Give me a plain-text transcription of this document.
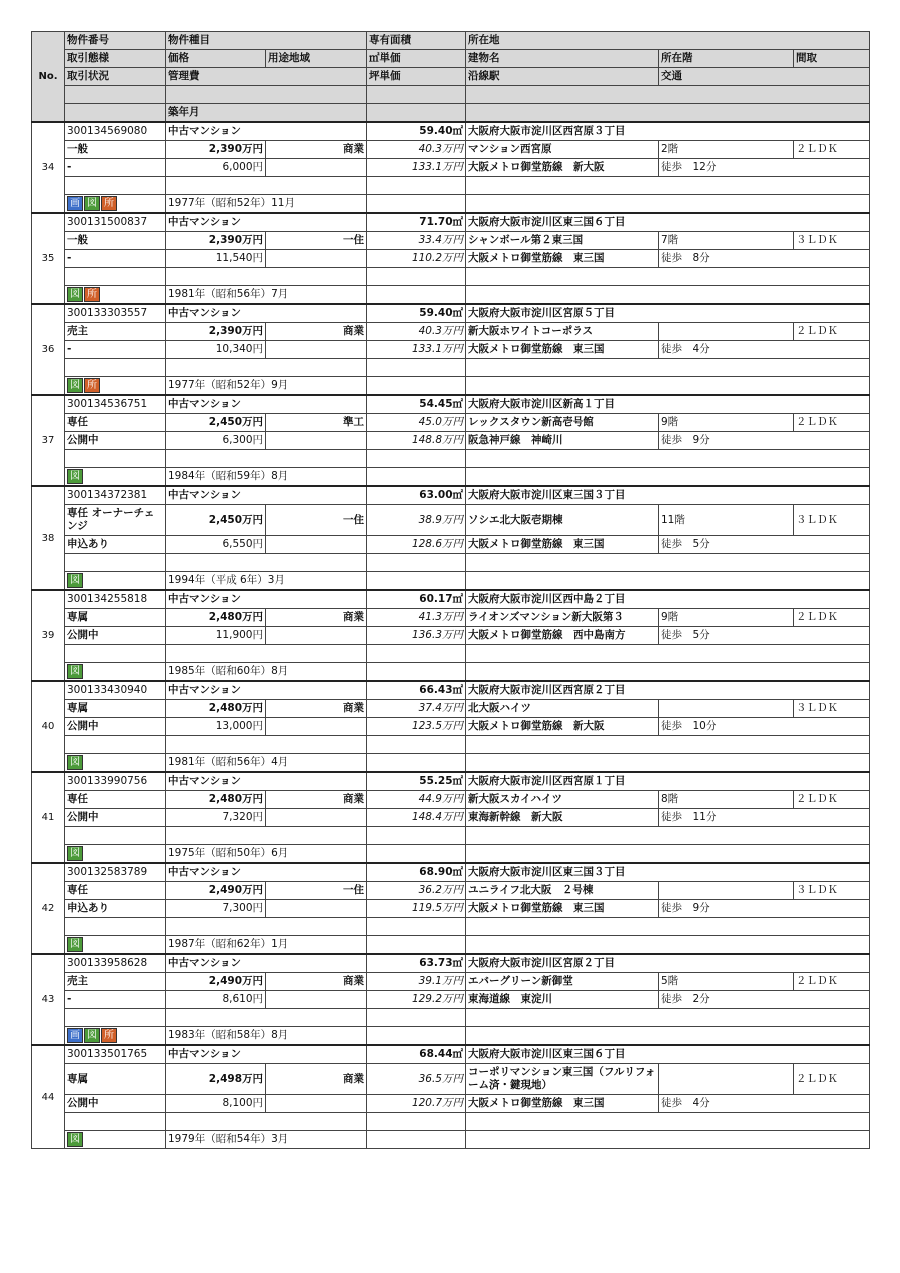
No.	物件番号	物件種目		専有面積	所在地		
	取引態様	価格	用途地域	㎡単価	建物名	所在階	間取
	取引状況	管理費		坪単価	沿線駅	交通	

		築年月					
34	300134569080	中古マンション		59.40㎡	大阪府大阪市淀川区西宮原３丁目		
	一般	2,390万円	商業	40.3万円	マンション西宮原	2階	２ＬＤＫ
	-	6,000円		133.1万円	大阪メトロ御堂筋線　新大阪	徒歩　12分	

	画 図 所	1977年（昭和52年）11月					
35	300131500837	中古マンション		71.70㎡	大阪府大阪市淀川区東三国６丁目		
	一般	2,390万円	一住	33.4万円	シャンボール第２東三国	7階	３ＬＤＫ
	-	11,540円		110.2万円	大阪メトロ御堂筋線　東三国	徒歩　8分	

	図 所	1981年（昭和56年）7月					
36	300133303557	中古マンション		59.40㎡	大阪府大阪市淀川区宮原５丁目		
	売主	2,390万円	商業	40.3万円	新大阪ホワイトコーポラス		２ＬＤＫ
	-	10,340円		133.1万円	大阪メトロ御堂筋線　東三国	徒歩　4分	

	図 所	1977年（昭和52年）9月					
37	300134536751	中古マンション		54.45㎡	大阪府大阪市淀川区新高１丁目		
	専任	2,450万円	準工	45.0万円	レックスタウン新高壱号館	9階	２ＬＤＫ
	公開中	6,300円		148.8万円	阪急神戸線　神崎川	徒歩　9分	

	図	1984年（昭和59年）8月					
38	300134372381	中古マンション		63.00㎡	大阪府大阪市淀川区東三国３丁目		
	専任 オーナーチェンジ	2,450万円	一住	38.9万円	ソシエ北大阪壱期棟	11階	３ＬＤＫ
	申込あり	6,550円		128.6万円	大阪メトロ御堂筋線　東三国	徒歩　5分	

	図	1994年（平成 6年）3月					
39	300134255818	中古マンション		60.17㎡	大阪府大阪市淀川区西中島２丁目		
	専属	2,480万円	商業	41.3万円	ライオンズマンション新大阪第３	9階	２ＬＤＫ
	公開中	11,900円		136.3万円	大阪メトロ御堂筋線　西中島南方	徒歩　5分	

	図	1985年（昭和60年）8月					
40	300133430940	中古マンション		66.43㎡	大阪府大阪市淀川区西宮原２丁目		
	専属	2,480万円	商業	37.4万円	北大阪ハイツ		３ＬＤＫ
	公開中	13,000円		123.5万円	大阪メトロ御堂筋線　新大阪	徒歩　10分	

	図	1981年（昭和56年）4月					
41	300133990756	中古マンション		55.25㎡	大阪府大阪市淀川区西宮原１丁目		
	専任	2,480万円	商業	44.9万円	新大阪スカイハイツ	8階	２ＬＤＫ
	公開中	7,320円		148.4万円	東海新幹線　新大阪	徒歩　11分	

	図	1975年（昭和50年）6月					
42	300132583789	中古マンション		68.90㎡	大阪府大阪市淀川区東三国３丁目		
	専任	2,490万円	一住	36.2万円	ユニライフ北大阪　２号棟		３ＬＤＫ
	申込あり	7,300円		119.5万円	大阪メトロ御堂筋線　東三国	徒歩　9分	

	図	1987年（昭和62年）1月					
43	300133958628	中古マンション		63.73㎡	大阪府大阪市淀川区宮原２丁目		
	売主	2,490万円	商業	39.1万円	エバーグリーン新御堂	5階	２ＬＤＫ
	-	8,610円		129.2万円	東海道線　東淀川	徒歩　2分	

	画 図 所	1983年（昭和58年）8月					
44	300133501765	中古マンション		68.44㎡	大阪府大阪市淀川区東三国６丁目		
	専属	2,498万円	商業	36.5万円	コーポリマンション東三国（フルリフォーム済・鍵現地）		２ＬＤＫ
	公開中	8,100円		120.7万円	大阪メトロ御堂筋線　東三国	徒歩　4分	

	図	1979年（昭和54年）3月					
